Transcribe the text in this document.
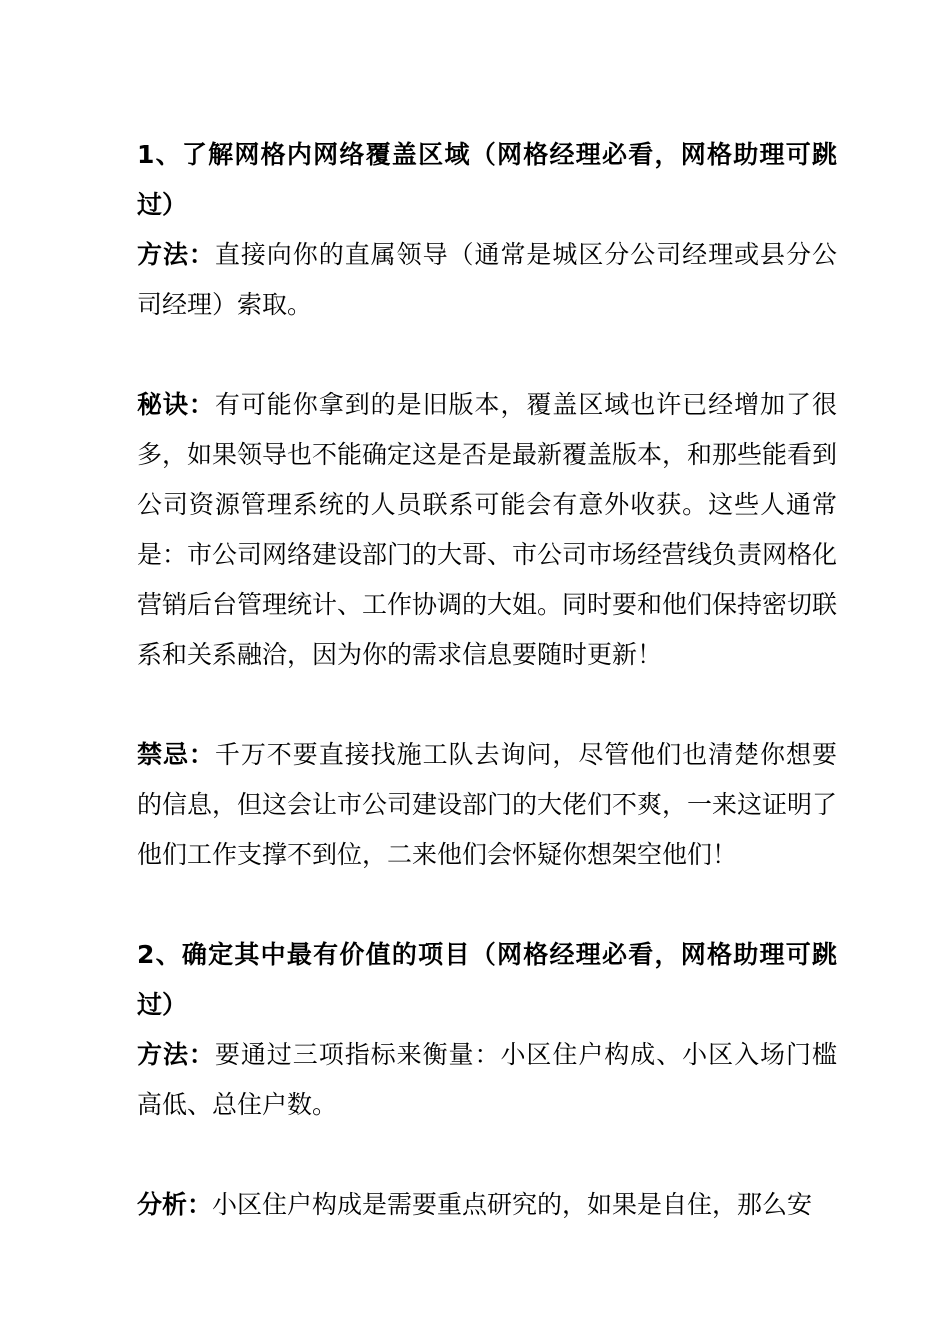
1、了解网格内网络覆盖区域（网格经理必看，网格助理可跳过）

方法：直接向你的直属领导（通常是城区分公司经理或县分公司经理）索取。

秘诀：有可能你拿到的是旧版本，覆盖区域也许已经增加了很多，如果领导也不能确定这是否是最新覆盖版本，和那些能看到公司资源管理系统的人员联系可能会有意外收获。这些人通常是：市公司网络建设部门的大哥、市公司市场经营线负责网格化营销后台管理统计、工作协调的大姐。同时要和他们保持密切联系和关系融洽，因为你的需求信息要随时更新！

禁忌：千万不要直接找施工队去询问，尽管他们也清楚你想要的信息，但这会让市公司建设部门的大佬们不爽，一来这证明了他们工作支撑不到位，二来他们会怀疑你想架空他们！

2、确定其中最有价值的项目（网格经理必看，网格助理可跳过）

方法：要通过三项指标来衡量：小区住户构成、小区入场门槛高低、总住户数。

分析：小区住户构成是需要重点研究的，如果是自住，那么安
